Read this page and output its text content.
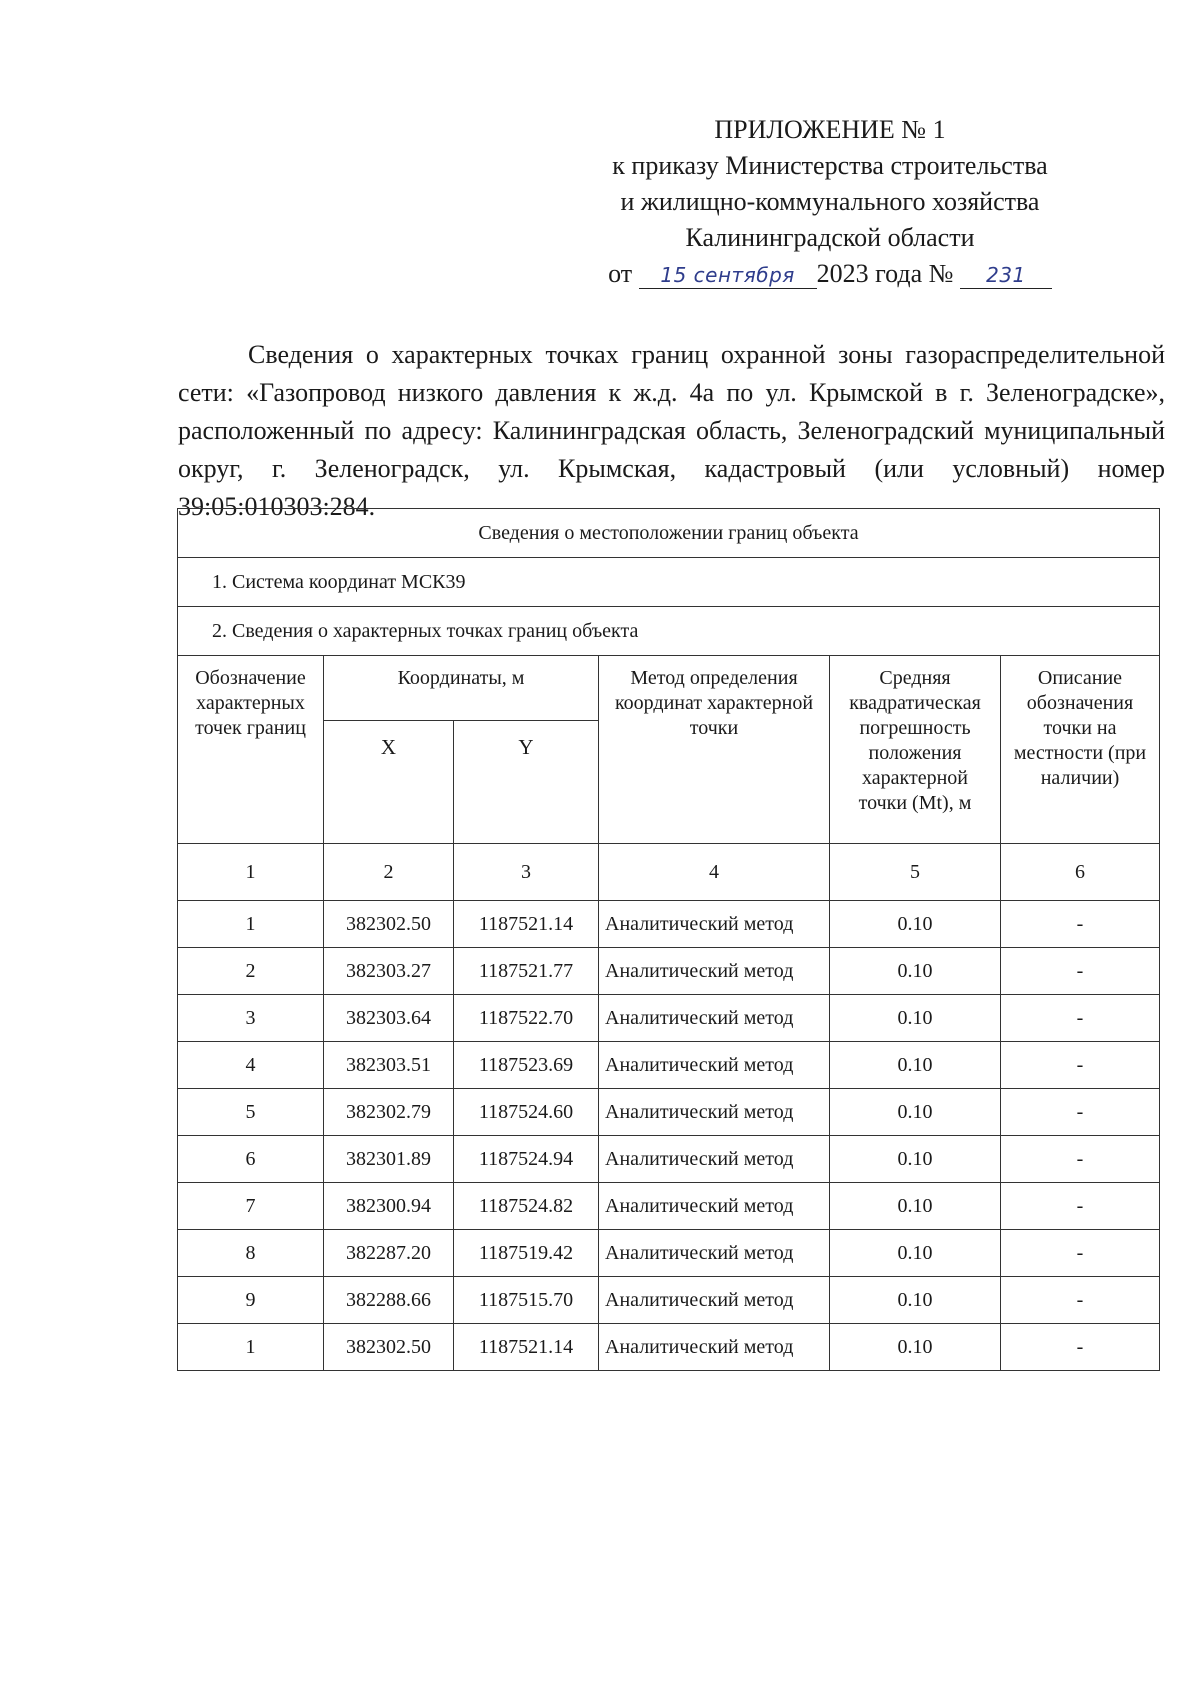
ПРИЛОЖЕНИЕ № 1
к приказу Министерства строительства
и жилищно-коммунального хозяйства
Калининградской области
от 15 сентября 2023 года № 231

Сведения о характерных точках границ охранной зоны газораспределительной сети: «Газопровод низкого давления к ж.д. 4а по ул. Крымской в г. Зеленоградске», расположенный по адресу: Калининградская область, Зеленоградский муниципальный округ, г. Зеленоградск, ул. Крымская, кадастровый (или условный) номер 39:05:010303:284.

Сведения о местоположении границ объекта					
1. Система координат МСК39					
2. Сведения о характерных точках границ объекта					
Обозначение характерных точек границ	Координаты, м		Метод определения координат характерной точки	Средняя квадратическая погрешность положения характерной точки (Mt), м	Описание обозначения точки на местности (при наличии)
	X	Y			
1	2	3	4	5	6
1	382302.50	1187521.14	Аналитический метод	0.10	-
2	382303.27	1187521.77	Аналитический метод	0.10	-
3	382303.64	1187522.70	Аналитический метод	0.10	-
4	382303.51	1187523.69	Аналитический метод	0.10	-
5	382302.79	1187524.60	Аналитический метод	0.10	-
6	382301.89	1187524.94	Аналитический метод	0.10	-
7	382300.94	1187524.82	Аналитический метод	0.10	-
8	382287.20	1187519.42	Аналитический метод	0.10	-
9	382288.66	1187515.70	Аналитический метод	0.10	-
1	382302.50	1187521.14	Аналитический метод	0.10	-
